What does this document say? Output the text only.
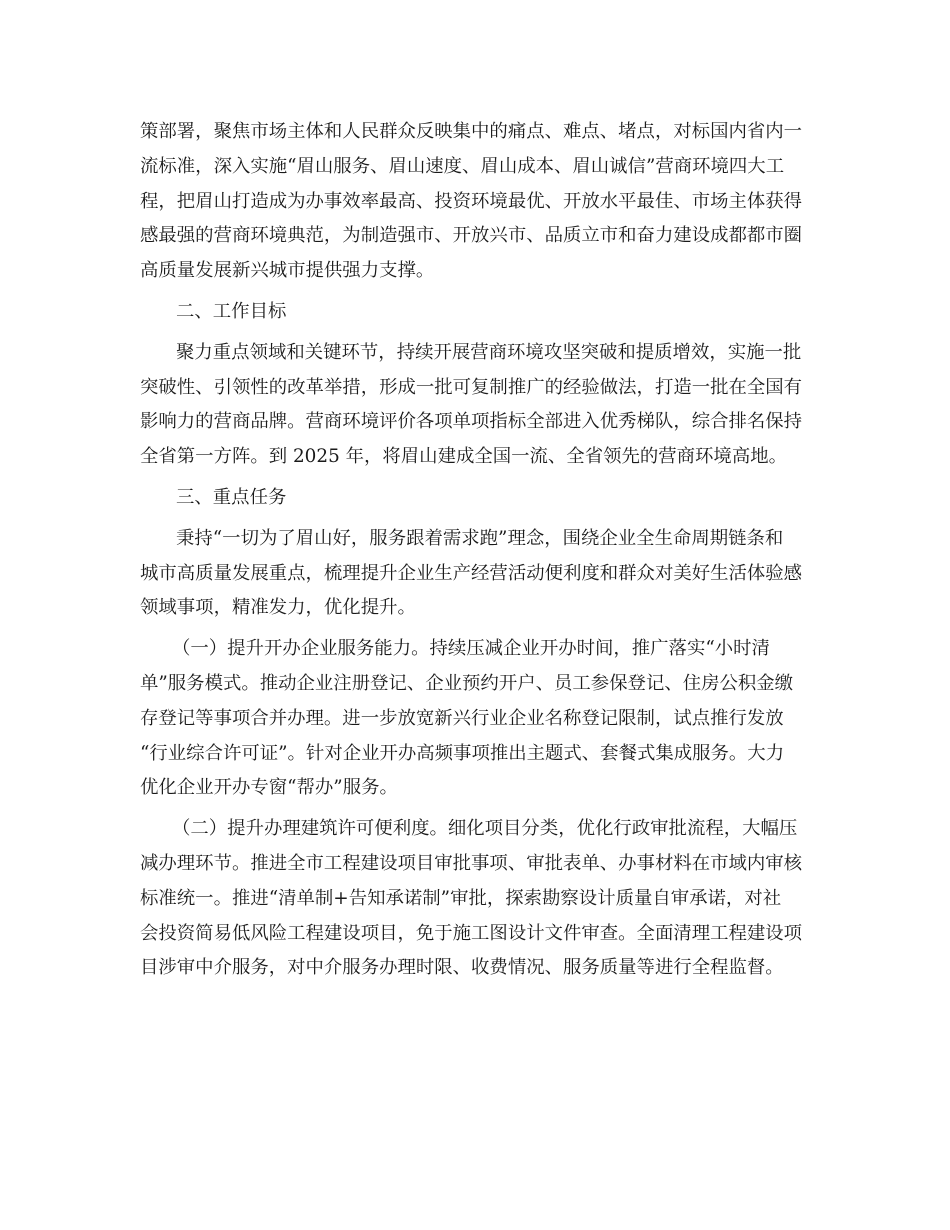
策部署，聚焦市场主体和人民群众反映集中的痛点、难点、堵点，对标国内省内一
流标准，深入实施“眉山服务、眉山速度、眉山成本、眉山诚信”营商环境四大工
程，把眉山打造成为办事效率最高、投资环境最优、开放水平最佳、市场主体获得
感最强的营商环境典范，为制造强市、开放兴市、品质立市和奋力建设成都都市圈
高质量发展新兴城市提供强力支撑。
二、工作目标
聚力重点领域和关键环节，持续开展营商环境攻坚突破和提质增效，实施一批
突破性、引领性的改革举措，形成一批可复制推广的经验做法，打造一批在全国有
影响力的营商品牌。营商环境评价各项单项指标全部进入优秀梯队，综合排名保持
全省第一方阵。到 2025 年，将眉山建成全国一流、全省领先的营商环境高地。
三、重点任务
秉持“一切为了眉山好，服务跟着需求跑”理念，围绕企业全生命周期链条和
城市高质量发展重点，梳理提升企业生产经营活动便利度和群众对美好生活体验感
领域事项，精准发力，优化提升。
（一）提升开办企业服务能力。持续压减企业开办时间，推广落实“小时清
单”服务模式。推动企业注册登记、企业预约开户、员工参保登记、住房公积金缴
存登记等事项合并办理。进一步放宽新兴行业企业名称登记限制，试点推行发放
“行业综合许可证”。针对企业开办高频事项推出主题式、套餐式集成服务。大力
优化企业开办专窗“帮办”服务。
（二）提升办理建筑许可便利度。细化项目分类，优化行政审批流程，大幅压
减办理环节。推进全市工程建设项目审批事项、审批表单、办事材料在市域内审核
标准统一。推进“清单制+告知承诺制”审批，探索勘察设计质量自审承诺，对社
会投资简易低风险工程建设项目，免于施工图设计文件审查。全面清理工程建设项
目涉审中介服务，对中介服务办理时限、收费情况、服务质量等进行全程监督。
